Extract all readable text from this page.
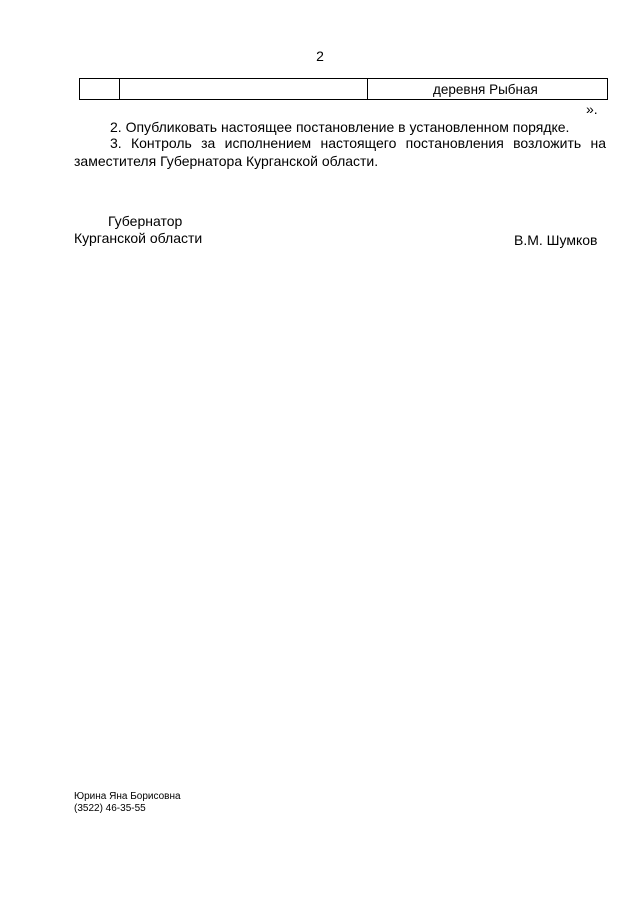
2
деревня Рыбная
».
2. Опубликовать настоящее постановление в установленном порядке.
3. Контроль за исполнением настоящего постановления возложить на заместителя Губернатора Курганской области.
Губернатор
Курганской области	В.М. Шумков
Юрина Яна Борисовна
(3522) 46-35-55
